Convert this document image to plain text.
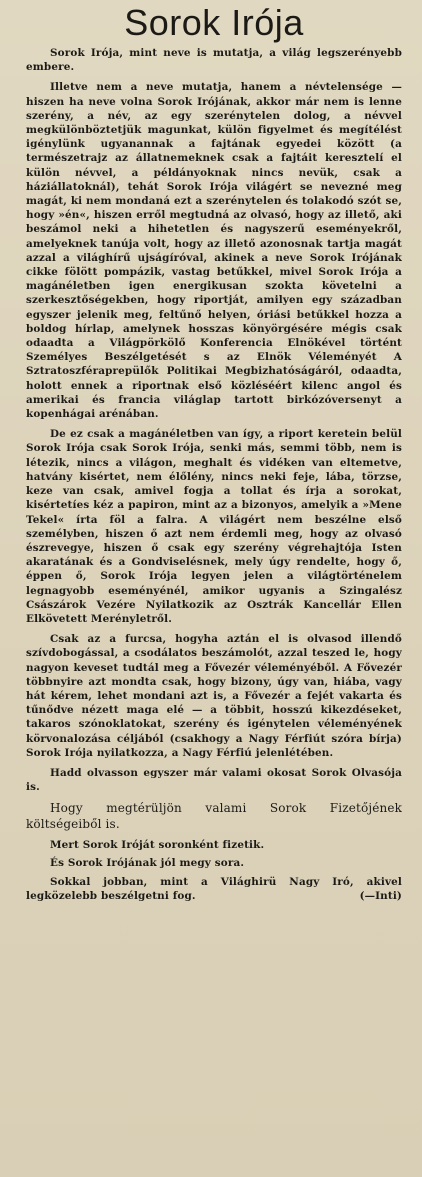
Sorok Irója

Sorok Irója, mint neve is mutatja, a világ legszerényebb embere.

Illetve nem a neve mutatja, hanem a névtelensége — hiszen ha neve volna Sorok Irójának, akkor már nem is lenne szerény, a név, az egy szerénytelen dolog, a névvel megkülönböztetjük magunkat, külön figyelmet és megítélést igénylünk ugyanannak a fajtának egyedei között (a természetrajz az állatnemeknek csak a fajtáit keresztelí el külön névvel, a példányoknak nincs nevük, csak a háziállatoknál), tehát Sorok Irója világért se nevezné meg magát, ki nem mondaná ezt a szerénytelen és tolakodó szót se, hogy »én«, hiszen erről megtudná az olvasó, hogy az illető, aki beszámol neki a hihetetlen és nagyszerű eseményekről, amelyeknek tanúja volt, hogy az illető azonosnak tartja magát azzal a világhírű ujságíróval, akinek a neve Sorok Irójának cikke fölött pompázik, vastag betűkkel, mivel Sorok Irója a magánéletben igen energikusan szokta követelni a szerkesztőségekben, hogy riportját, amilyen egy században egyszer jelenik meg, feltűnő helyen, óriási betűkkel hozza a boldog hírlap, amelynek hosszas könyörgésére mégis csak odaadta a Világpörkölő Konferencia Elnökével történt Személyes Beszélgetését s az Elnök Véleményét A Sztratoszféraprepülők Politikai Megbizhatóságáról, odaadta, holott ennek a riportnak első közléséért kilenc angol és amerikai és francia világlap tartott birkózóversenyt a kopenhágai arénában.

De ez csak a magánéletben van így, a riport keretein belül Sorok Irója csak Sorok Irója, senki más, semmi több, nem is létezik, nincs a világon, meghalt és vidéken van eltemetve, hatvány kisértet, nem élőlény, nincs neki feje, lába, törzse, keze van csak, amivel fogja a tollat és írja a sorokat, kisértetíes kéz a papiron, mint az a bizonyos, amelyik a »Mene Tekel« írta föl a falra. A világért nem beszélne első személyben, hiszen ő azt nem érdemli meg, hogy az olvasó észrevegye, hiszen ő csak egy szerény végrehajtója Isten akaratának és a Gondviselésnek, mely úgy rendelte, hogy ő, éppen ő, Sorok Irója legyen jelen a világtörténelem legnagyobb eseményénél, amikor ugyanis a Szingalész Császárok Vezére Nyilatkozik az Osztrák Kancellár Ellen Elkövetett Merényletről.

Csak az a furcsa, hogyha aztán el is olvasod illendő szívdobogással, a csodálatos beszámolót, azzal teszed le, hogy nagyon keveset tudtál meg a Fővezér véleményéből. A Fővezér többnyire azt mondta csak, hogy bizony, úgy van, hiába, vagy hát kérem, lehet mondani azt is, a Fővezér a fejét vakarta és tűnődve nézett maga elé — a többit, hosszú kikezdéseket, takaros szónoklatokat, szerény és igénytelen véleményének körvonalozása céljából (csakhogy a Nagy Férfiút szóra bírja) Sorok Irója nyilatkozza, a Nagy Férfiú jelenlétében.

Hadd olvasson egyszer már valami okosat Sorok Olvasója is.

Hogy megtérüljön valami Sorok Fizetőjének költségeiből is.

Mert Sorok Iróját soronként fizetik.

És Sorok Irójának jól megy sora.

Sokkal jobban, mint a Világhirü Nagy Iró, akivel legközelebb beszélgetni fog.	(—Inti)
